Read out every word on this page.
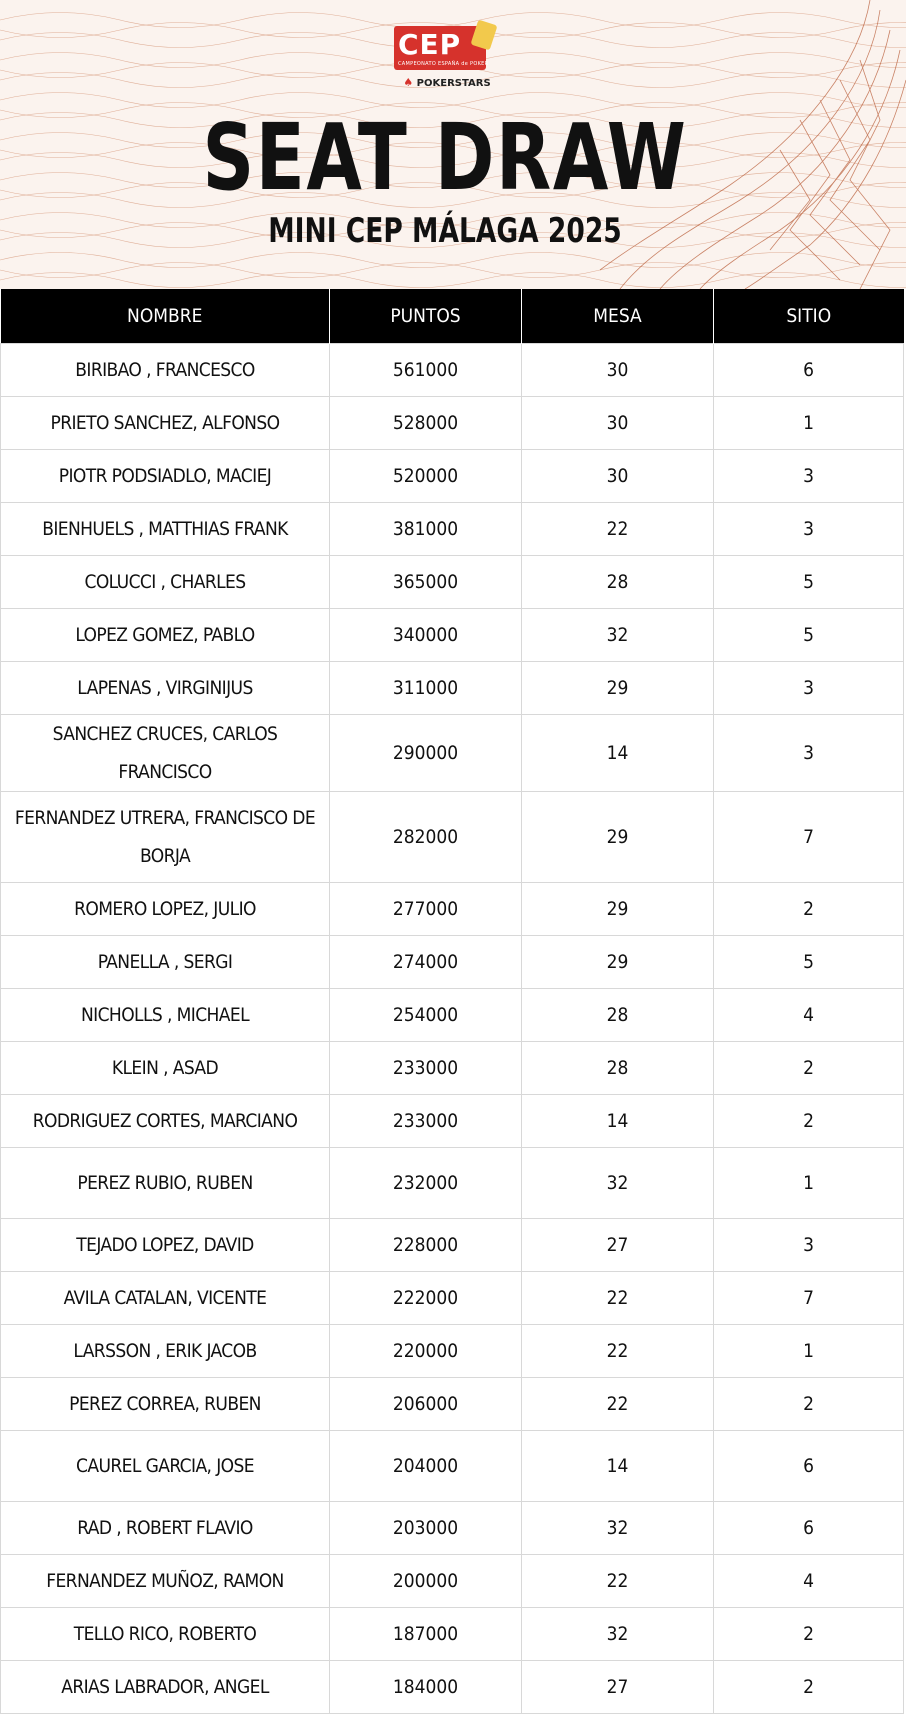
CEP
CAMPEONATO ESPAÑA de POKER
♠ POKERSTARS
SEAT DRAW
MINI CEP MÁLAGA 2025
NOMBRE	PUNTOS	MESA	SITIO
BIRIBAO , FRANCESCO	561000	30	6
PRIETO SANCHEZ, ALFONSO	528000	30	1
PIOTR PODSIADLO, MACIEJ	520000	30	3
BIENHUELS , MATTHIAS FRANK	381000	22	3
COLUCCI , CHARLES	365000	28	5
LOPEZ GOMEZ, PABLO	340000	32	5
LAPENAS , VIRGINIJUS	311000	29	3
SANCHEZ CRUCES, CARLOS FRANCISCO	290000	14	3
FERNANDEZ UTRERA, FRANCISCO DE BORJA	282000	29	7
ROMERO LOPEZ, JULIO	277000	29	2
PANELLA , SERGI	274000	29	5
NICHOLLS , MICHAEL	254000	28	4
KLEIN , ASAD	233000	28	2
RODRIGUEZ CORTES, MARCIANO	233000	14	2
PEREZ RUBIO, RUBEN	232000	32	1
TEJADO LOPEZ, DAVID	228000	27	3
AVILA CATALAN, VICENTE	222000	22	7
LARSSON , ERIK JACOB	220000	22	1
PEREZ CORREA, RUBEN	206000	22	2
CAUREL GARCIA, JOSE	204000	14	6
RAD , ROBERT FLAVIO	203000	32	6
FERNANDEZ MUÑOZ, RAMON	200000	22	4
TELLO RICO, ROBERTO	187000	32	2
ARIAS LABRADOR, ANGEL	184000	27	2
